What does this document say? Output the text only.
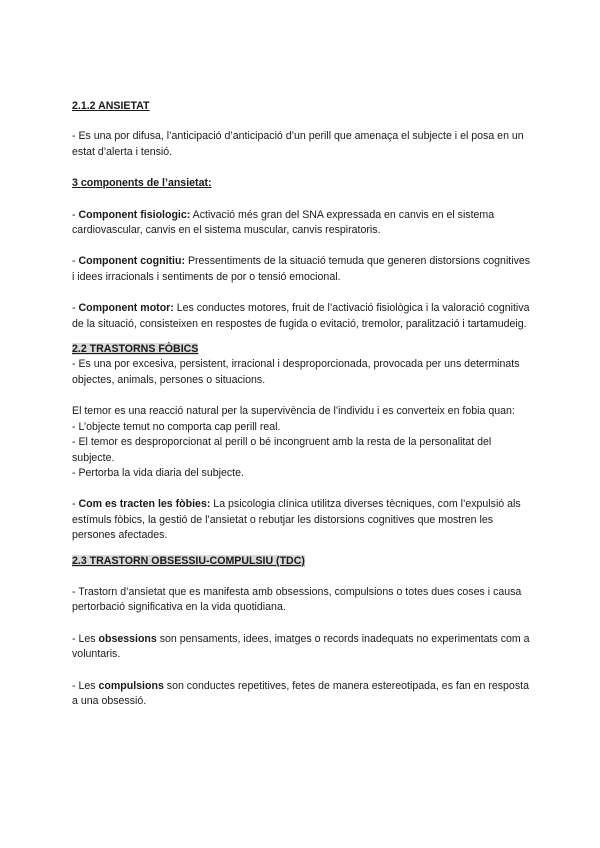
2.1.2 ANSIETAT

- Es una por difusa, l’anticipació d’anticipació d’un perill que amenaça el subjecte i el posa en un estat d’alerta i tensió.

3 components de l’ansietat:

- Component fisiologic: Activació més gran del SNA expressada en canvis en el sistema cardiovascular, canvis en el sistema muscular, canvis respiratoris.

- Component cognitiu: Pressentiments de la situació temuda que generen distorsions cognitives i idees irracionals i sentiments de por o tensió emocional.

- Component motor: Les conductes motores, fruit de l’activació fisiològica i la valoració cognitiva de la situació, consisteixen en respostes de fugida o evitació, tremolor, paralització i tartamudeig.

2.2 TRASTORNS FÒBICS

- Es una por excesiva, persistent, irracional i desproporcionada, provocada per uns determinats objectes, animals, persones o situacions.

El temor es una reacció natural per la supervivència de l’individu i es converteix en fobia quan:

- L’objecte temut no comporta cap perill real.

- El temor es desproporcionat al perill o bé incongruent amb la resta de la personalitat del subjecte.

- Pertorba la vida diaria del subjecte.

- Com es tracten les fòbies: La psicologia clínica utilitza diverses tècniques, com l’expulsió als estímuls fòbics, la gestió de l’ansietat o rebutjar les distorsions cognitives que mostren les persones afectades.

2.3 TRASTORN OBSESSIU-COMPULSIU (TDC)

- Trastorn d’ansietat que es manifesta amb obsessions, compulsions o totes dues coses i causa pertorbació significativa en la vida quotidiana.

- Les obsessions son pensaments, idees, imatges o records inadequats no experimentats com a voluntaris.

- Les compulsions son conductes repetitives, fetes de manera estereotipada, es fan en resposta a una obsessió.
